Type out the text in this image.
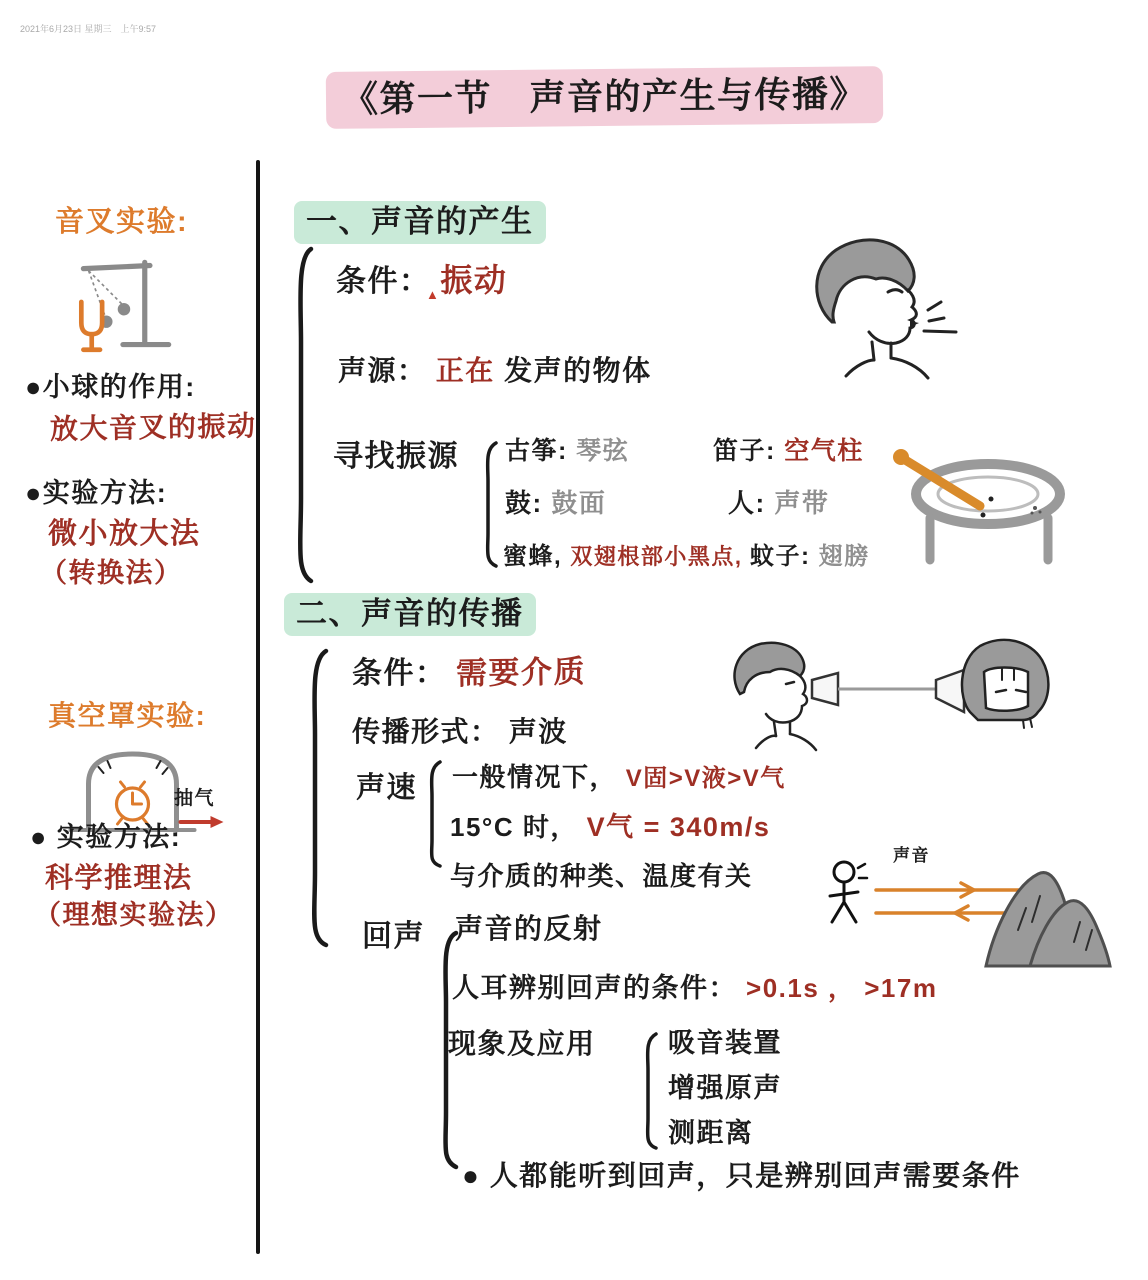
2021年6月23日 星期三　上午9:57
《第一节　声音的产生与传播》
音叉实验:
●小球的作用:
放大音叉的振动
●实验方法:
微小放大法
（转换法）
真空罩实验:
抽气
● 实验方法:
科学推理法
（理想实验法）
一、声音的产生
条件： 振动
▲
声源： 正在 发声的物体
寻找振源 古筝: 琴弦	笛子: 空气柱
鼓: 鼓面	人: 声带
蜜蜂, 双翅根部小黑点, 蚊子: 翅膀
二、声音的传播
条件： 需要介质
传播形式： 声波
声速 一般情况下， V固>V液>V气
15°C 时， V气 = 340m/s
与介质的种类、温度有关
声音
回声 声音的反射
人耳辨别回声的条件： >0.1s ， >17m
现象及应用	吸音装置
增强原声
测距离
● 人都能听到回声，只是辨别回声需要条件
